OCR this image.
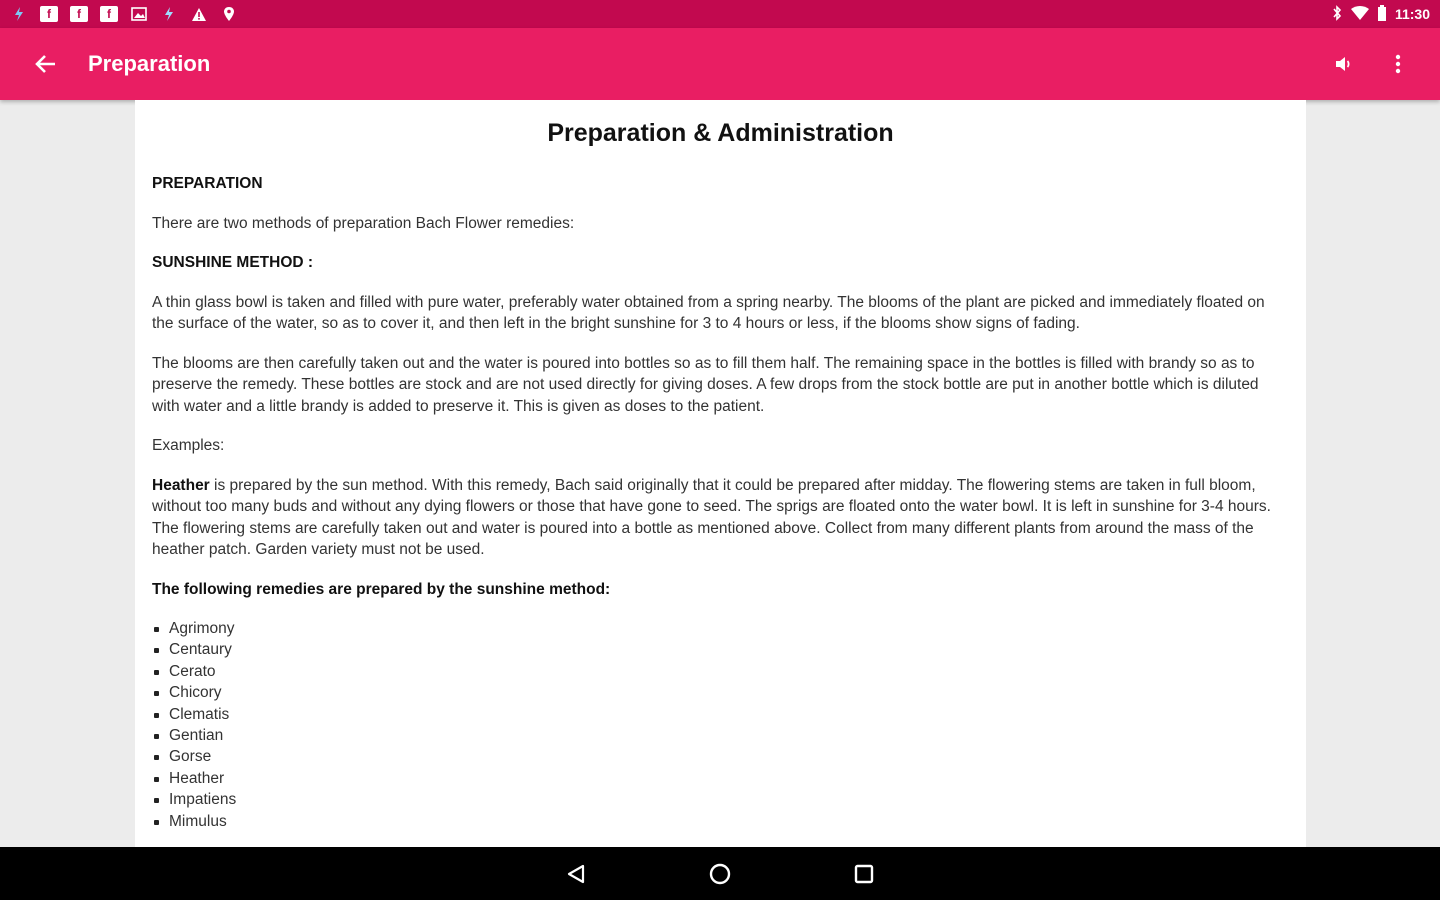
f	f	f	11:30
Preparation
Preparation & Administration

PREPARATION

There are two methods of preparation Bach Flower remedies:

SUNSHINE METHOD :

A thin glass bowl is taken and filled with pure water, preferably water obtained from a spring nearby. The blooms of the plant are picked and immediately floated on the surface of the water, so as to cover it, and then left in the bright sunshine for 3 to 4 hours or less, if the blooms show signs of fading.

The blooms are then carefully taken out and the water is poured into bottles so as to fill them half. The remaining space in the bottles is filled with brandy so as to preserve the remedy. These bottles are stock and are not used directly for giving doses. A few drops from the stock bottle are put in another bottle which is diluted with water and a little brandy is added to preserve it. This is given as doses to the patient.

Examples:

Heather is prepared by the sun method. With this remedy, Bach said originally that it could be prepared after midday. The flowering stems are taken in full bloom, without too many buds and without any dying flowers or those that have gone to seed. The sprigs are floated onto the water bowl. It is left in sunshine for 3-4 hours. The flowering stems are carefully taken out and water is poured into a bottle as mentioned above. Collect from many different plants from around the mass of the heather patch. Garden variety must not be used.

The following remedies are prepared by the sunshine method:

Agrimony
Centaury
Cerato
Chicory
Clematis
Gentian
Gorse
Heather
Impatiens
Mimulus
